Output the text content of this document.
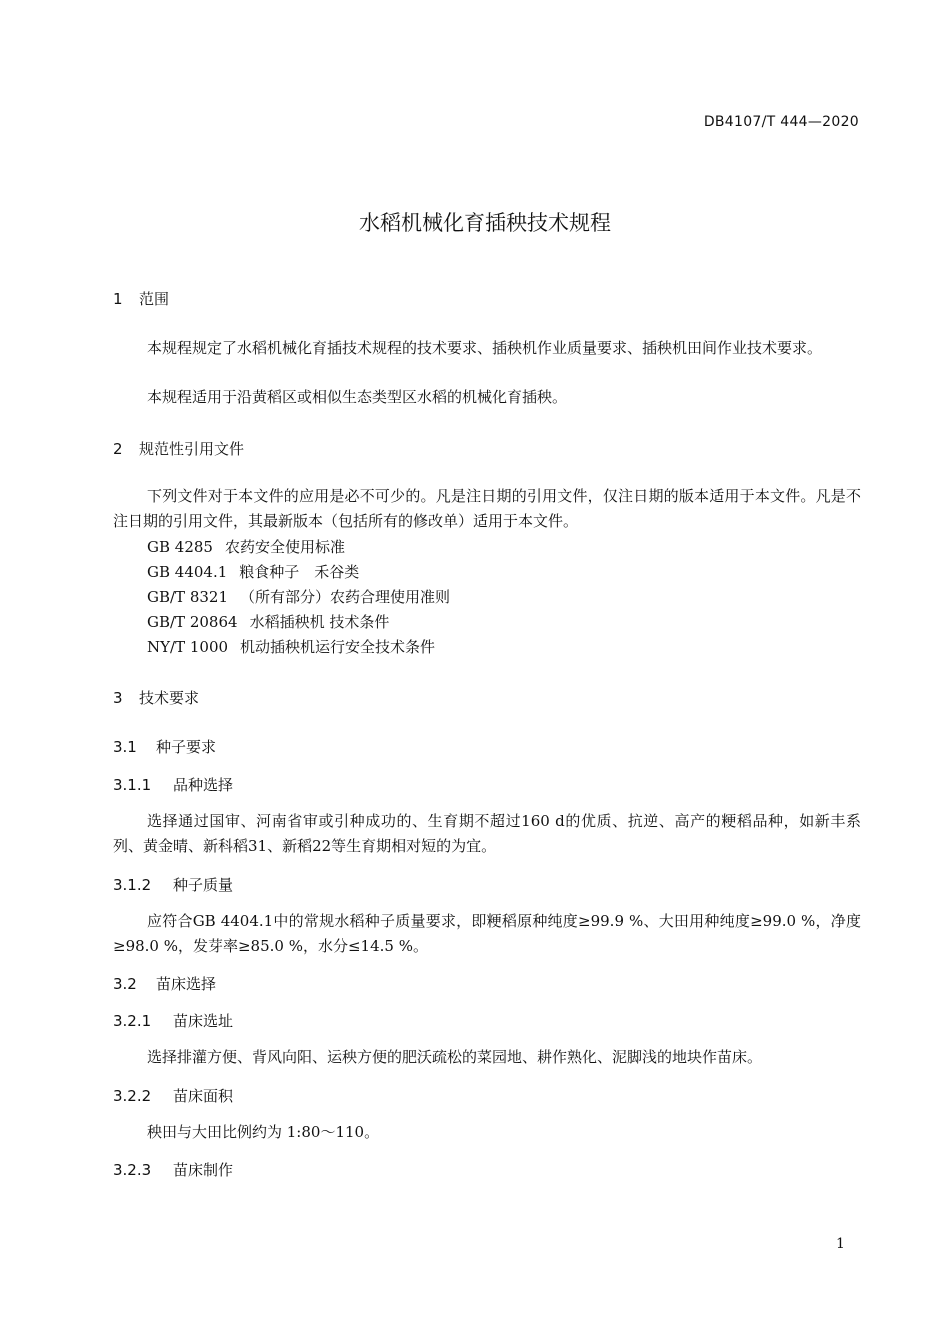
DB4107/T 444—2020
水稻机械化育插秧技术规程
1 范围
本规程规定了水稻机械化育插技术规程的技术要求、插秧机作业质量要求、插秧机田间作业技术要求。
本规程适用于沿黄稻区或相似生态类型区水稻的机械化育插秧。
2 规范性引用文件
下列文件对于本文件的应用是必不可少的。凡是注日期的引用文件，仅注日期的版本适用于本文件。凡是不注日期的引用文件，其最新版本（包括所有的修改单）适用于本文件。
GB 4285 农药安全使用标准
GB 4404.1 粮食种子　禾谷类
GB/T 8321 （所有部分）农药合理使用准则
GB/T 20864 水稻插秧机 技术条件
NY/T 1000 机动插秧机运行安全技术条件
3 技术要求
3.1 种子要求
3.1.1 品种选择
选择通过国审、河南省审或引种成功的、生育期不超过160 d的优质、抗逆、高产的粳稻品种，如新丰系列、黄金晴、新科稻31、新稻22等生育期相对短的为宜。
3.1.2 种子质量
应符合GB 4404.1中的常规水稻种子质量要求，即粳稻原种纯度≥99.9 %、大田用种纯度≥99.0 %，净度≥98.0 %，发芽率≥85.0 %，水分≤14.5 %。
3.2 苗床选择
3.2.1 苗床选址
选择排灌方便、背风向阳、运秧方便的肥沃疏松的菜园地、耕作熟化、泥脚浅的地块作苗床。
3.2.2 苗床面积
秧田与大田比例约为 1:80～110。
3.2.3 苗床制作
1
